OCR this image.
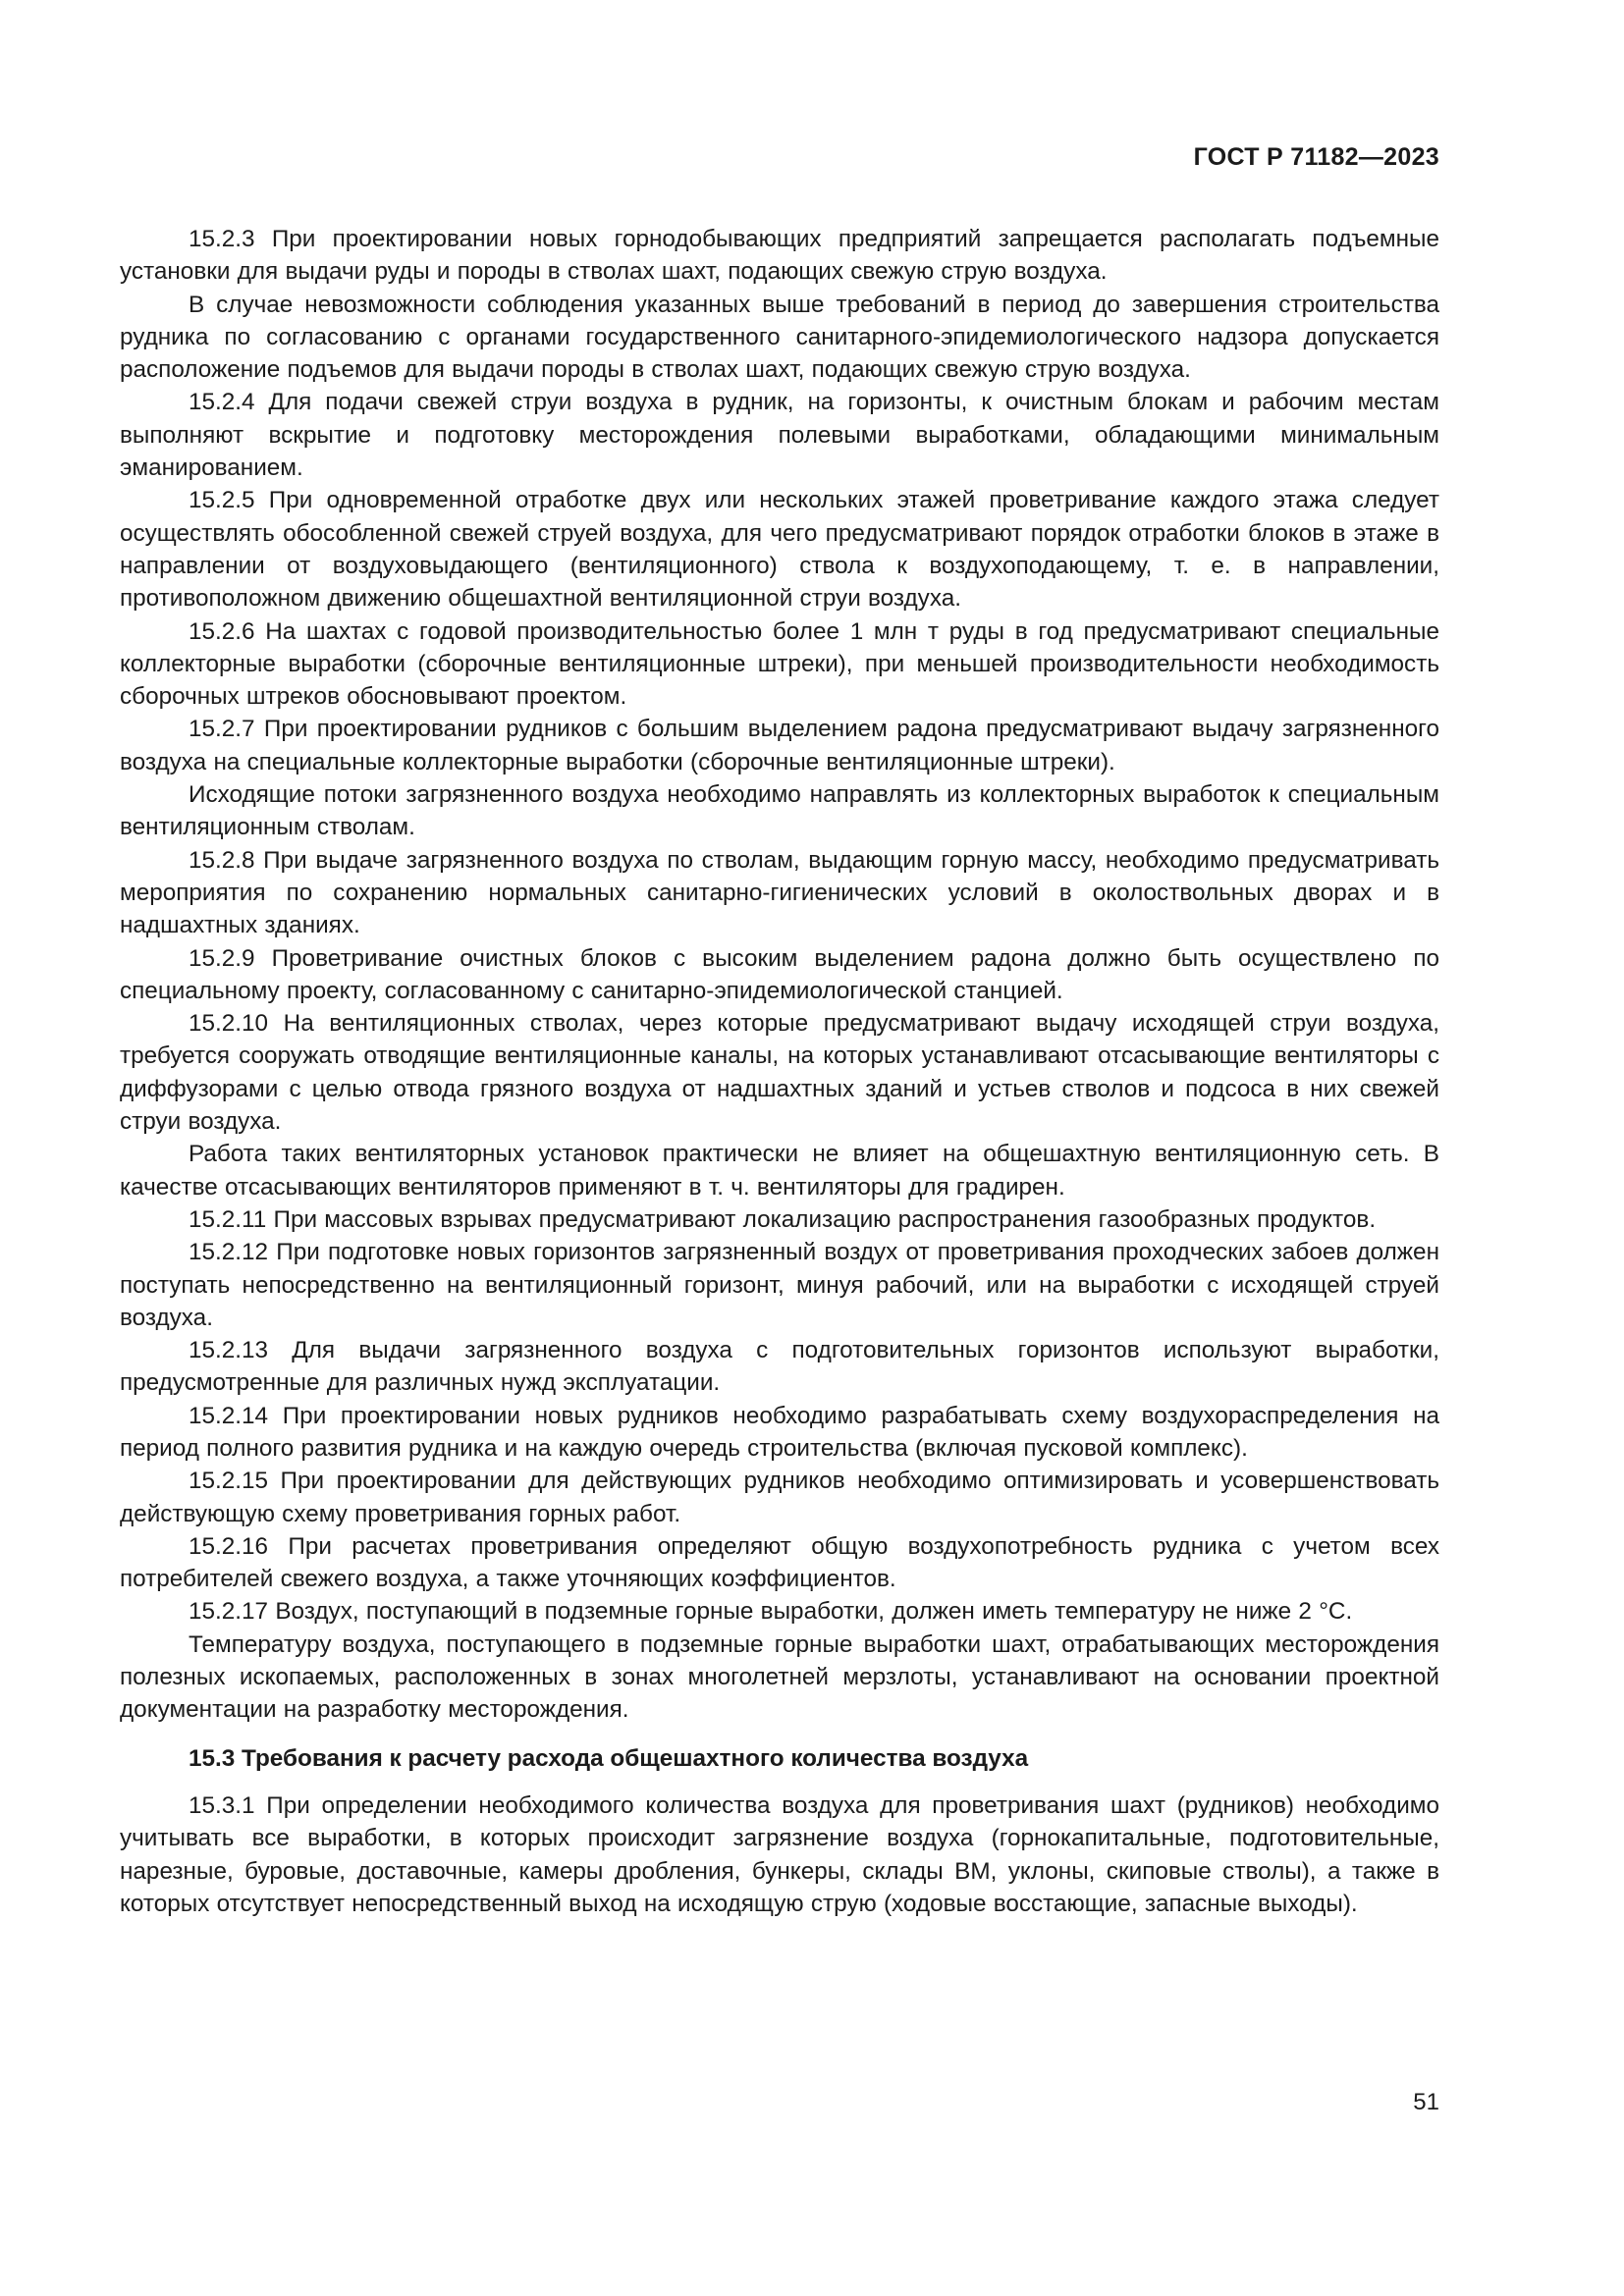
ГОСТ Р 71182—2023

15.2.3 При проектировании новых горнодобывающих предприятий запрещается располагать подъемные установки для выдачи руды и породы в стволах шахт, подающих свежую струю воздуха.

В случае невозможности соблюдения указанных выше требований в период до завершения строительства рудника по согласованию с органами государственного санитарного-эпидемиологического надзора допускается расположение подъемов для выдачи породы в стволах шахт, подающих свежую струю воздуха.

15.2.4 Для подачи свежей струи воздуха в рудник, на горизонты, к очистным блокам и рабочим местам выполняют вскрытие и подготовку месторождения полевыми выработками, обладающими минимальным эманированием.

15.2.5 При одновременной отработке двух или нескольких этажей проветривание каждого этажа следует осуществлять обособленной свежей струей воздуха, для чего предусматривают порядок отработки блоков в этаже в направлении от воздуховыдающего (вентиляционного) ствола к воздухоподающему, т. е. в направлении, противоположном движению общешахтной вентиляционной струи воздуха.

15.2.6 На шахтах с годовой производительностью более 1 млн т руды в год предусматривают специальные коллекторные выработки (сборочные вентиляционные штреки), при меньшей производительности необходимость сборочных штреков обосновывают проектом.

15.2.7 При проектировании рудников с большим выделением радона предусматривают выдачу загрязненного воздуха на специальные коллекторные выработки (сборочные вентиляционные штреки).

Исходящие потоки загрязненного воздуха необходимо направлять из коллекторных выработок к специальным вентиляционным стволам.

15.2.8 При выдаче загрязненного воздуха по стволам, выдающим горную массу, необходимо предусматривать мероприятия по сохранению нормальных санитарно-гигиенических условий в околоствольных дворах и в надшахтных зданиях.

15.2.9 Проветривание очистных блоков с высоким выделением радона должно быть осуществлено по специальному проекту, согласованному с санитарно-эпидемиологической станцией.

15.2.10 На вентиляционных стволах, через которые предусматривают выдачу исходящей струи воздуха, требуется сооружать отводящие вентиляционные каналы, на которых устанавливают отсасывающие вентиляторы с диффузорами с целью отвода грязного воздуха от надшахтных зданий и устьев стволов и подсоса в них свежей струи воздуха.

Работа таких вентиляторных установок практически не влияет на общешахтную вентиляционную сеть. В качестве отсасывающих вентиляторов применяют в т. ч. вентиляторы для градирен.

15.2.11 При массовых взрывах предусматривают локализацию распространения газообразных продуктов.

15.2.12 При подготовке новых горизонтов загрязненный воздух от проветривания проходческих забоев должен поступать непосредственно на вентиляционный горизонт, минуя рабочий, или на выработки с исходящей струей воздуха.

15.2.13 Для выдачи загрязненного воздуха с подготовительных горизонтов используют выработки, предусмотренные для различных нужд эксплуатации.

15.2.14 При проектировании новых рудников необходимо разрабатывать схему воздухораспределения на период полного развития рудника и на каждую очередь строительства (включая пусковой комплекс).

15.2.15 При проектировании для действующих рудников необходимо оптимизировать и усовершенствовать действующую схему проветривания горных работ.

15.2.16 При расчетах проветривания определяют общую воздухопотребность рудника с учетом всех потребителей свежего воздуха, а также уточняющих коэффициентов.

15.2.17 Воздух, поступающий в подземные горные выработки, должен иметь температуру не ниже 2 °С.

Температуру воздуха, поступающего в подземные горные выработки шахт, отрабатывающих месторождения полезных ископаемых, расположенных в зонах многолетней мерзлоты, устанавливают на основании проектной документации на разработку месторождения.

15.3 Требования к расчету расхода общешахтного количества воздуха

15.3.1 При определении необходимого количества воздуха для проветривания шахт (рудников) необходимо учитывать все выработки, в которых происходит загрязнение воздуха (горнокапитальные, подготовительные, нарезные, буровые, доставочные, камеры дробления, бункеры, склады ВМ, уклоны, скиповые стволы), а также в которых отсутствует непосредственный выход на исходящую струю (ходовые восстающие, запасные выходы).

51
